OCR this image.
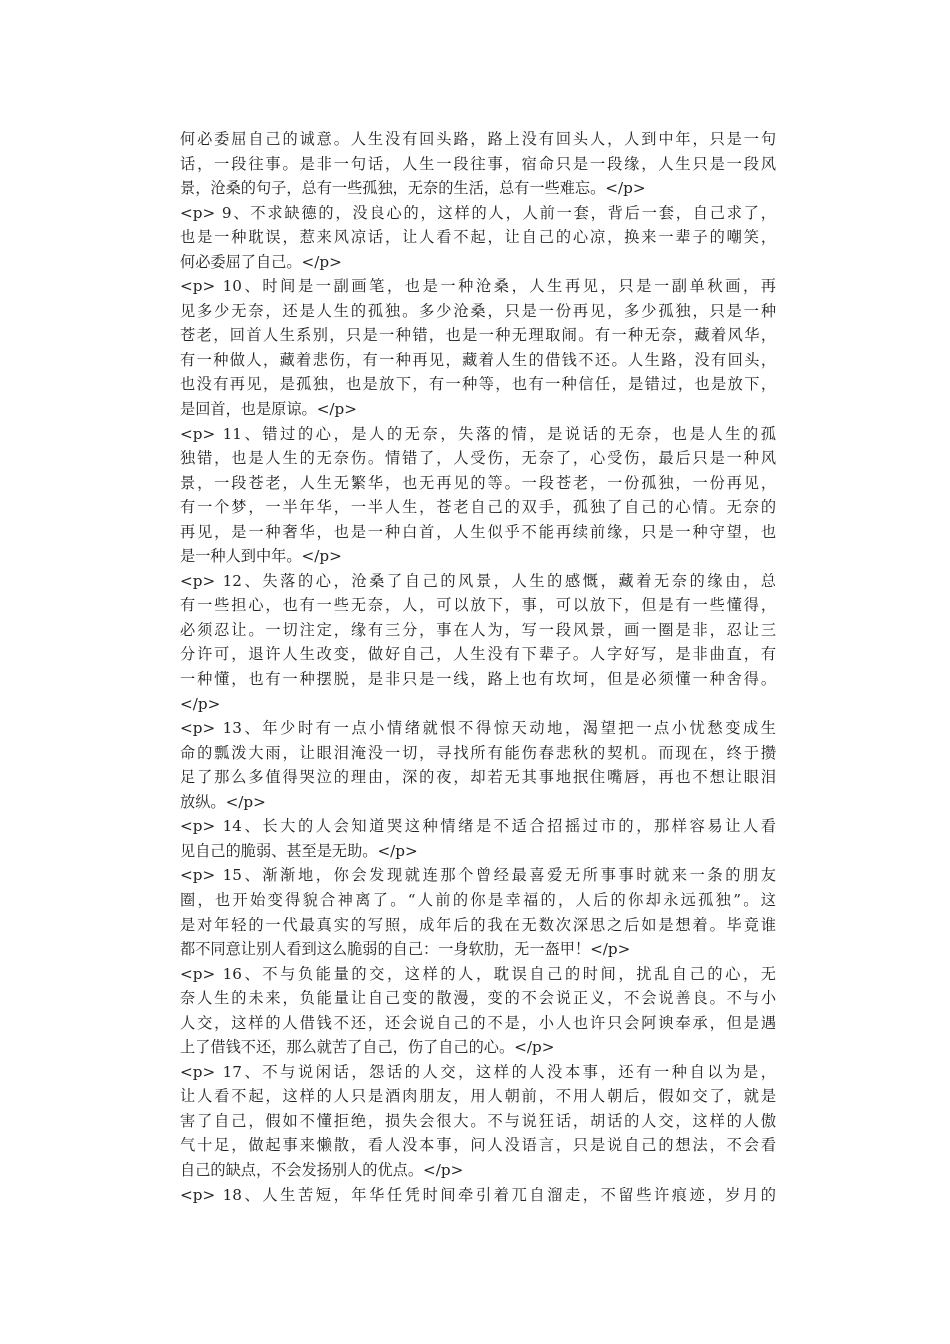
何必委屈自己的诚意。人生没有回头路，路上没有回头人，人到中年，只是一句
话，一段往事。是非一句话，人生一段往事，宿命只是一段缘，人生只是一段风
景，沧桑的句子，总有一些孤独，无奈的生活，总有一些难忘。</p>
<p> 9、不求缺德的，没良心的，这样的人，人前一套，背后一套，自己求了，
也是一种耽误，惹来风凉话，让人看不起，让自己的心凉，换来一辈子的嘲笑，
何必委屈了自己。</p>
<p> 10、时间是一副画笔，也是一种沧桑，人生再见，只是一副单秋画，再
见多少无奈，还是人生的孤独。多少沧桑，只是一份再见，多少孤独，只是一种
苍老，回首人生系别，只是一种错，也是一种无理取闹。有一种无奈，藏着风华，
有一种做人，藏着悲伤，有一种再见，藏着人生的借钱不还。人生路，没有回头，
也没有再见，是孤独，也是放下，有一种等，也有一种信任，是错过，也是放下，
是回首，也是原谅。</p>
<p> 11、错过的心，是人的无奈，失落的情，是说话的无奈，也是人生的孤
独错，也是人生的无奈伤。情错了，人受伤，无奈了，心受伤，最后只是一种风
景，一段苍老，人生无繁华，也无再见的等。一段苍老，一份孤独，一份再见，
有一个梦，一半年华，一半人生，苍老自己的双手，孤独了自己的心情。无奈的
再见，是一种奢华，也是一种白首，人生似乎不能再续前缘，只是一种守望，也
是一种人到中年。</p>
<p> 12、失落的心，沧桑了自己的风景，人生的感慨，藏着无奈的缘由，总
有一些担心，也有一些无奈，人，可以放下，事，可以放下，但是有一些懂得，
必须忍让。一切注定，缘有三分，事在人为，写一段风景，画一圈是非，忍让三
分许可，退许人生改变，做好自己，人生没有下辈子。人字好写，是非曲直，有
一种懂，也有一种摆脱，是非只是一线，路上也有坎坷，但是必须懂一种舍得。
</p>
<p> 13、年少时有一点小情绪就恨不得惊天动地，渴望把一点小忧愁变成生
命的瓢泼大雨，让眼泪淹没一切，寻找所有能伤春悲秋的契机。而现在，终于攒
足了那么多值得哭泣的理由，深的夜，却若无其事地抿住嘴唇，再也不想让眼泪
放纵。</p>
<p> 14、长大的人会知道哭这种情绪是不适合招摇过市的，那样容易让人看
见自己的脆弱、甚至是无助。</p>
<p> 15、渐渐地，你会发现就连那个曾经最喜爱无所事事时就来一条的朋友
圈，也开始变得貌合神离了。“人前的你是幸福的，人后的你却永远孤独”。这
是对年轻的一代最真实的写照，成年后的我在无数次深思之后如是想着。毕竟谁
都不同意让别人看到这么脆弱的自己：一身软肋，无一盔甲！</p>
<p> 16、不与负能量的交，这样的人，耽误自己的时间，扰乱自己的心，无
奈人生的未来，负能量让自己变的散漫，变的不会说正义，不会说善良。不与小
人交，这样的人借钱不还，还会说自己的不是，小人也许只会阿谀奉承，但是遇
上了借钱不还，那么就苦了自己，伤了自己的心。</p>
<p> 17、不与说闲话，怨话的人交，这样的人没本事，还有一种自以为是，
让人看不起，这样的人只是酒肉朋友，用人朝前，不用人朝后，假如交了，就是
害了自己，假如不懂拒绝，损失会很大。不与说狂话，胡话的人交，这样的人傲
气十足，做起事来懒散，看人没本事，问人没语言，只是说自己的想法，不会看
自己的缺点，不会发扬别人的优点。</p>
<p> 18、人生苦短，年华任凭时间牵引着兀自溜走，不留些许痕迹，岁月的
